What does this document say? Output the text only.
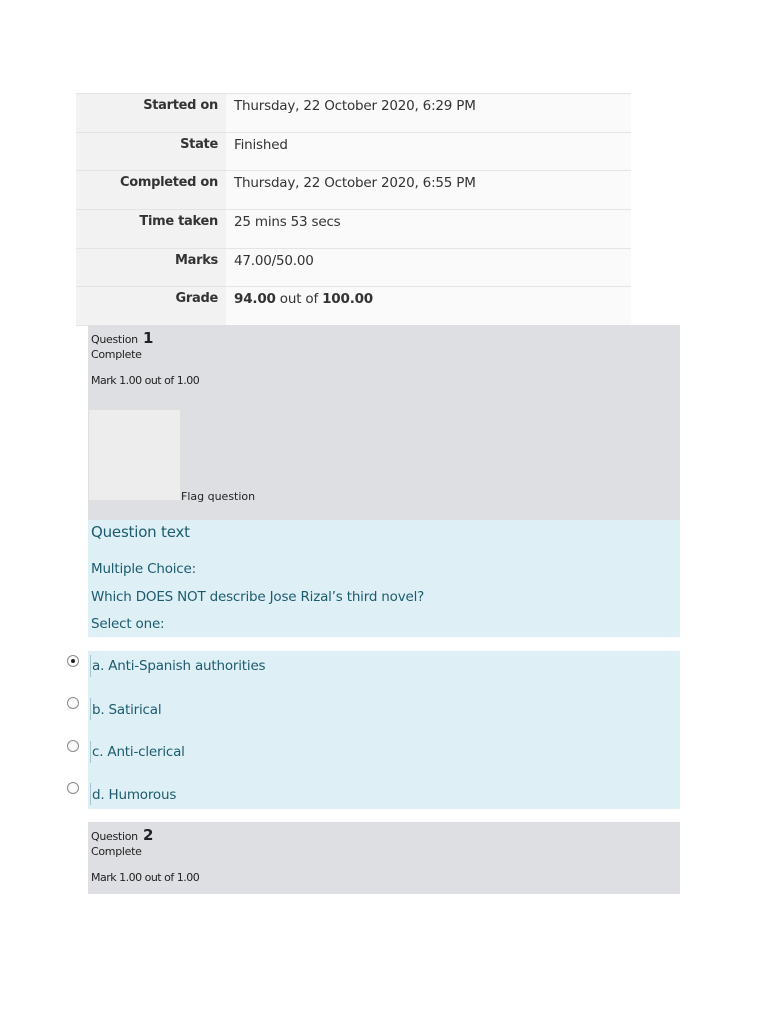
Started on	Thursday, 22 October 2020, 6:29 PM
State	Finished
Completed on	Thursday, 22 October 2020, 6:55 PM
Time taken	25 mins 53 secs
Marks	47.00/50.00
Grade	94.00 out of 100.00
Question 1
Complete
Mark 1.00 out of 1.00
Flag question
Question text
Multiple Choice:
Which DOES NOT describe Jose Rizal’s third novel?
Select one:
a. Anti-Spanish authorities
b. Satirical
c. Anti-clerical
d. Humorous
Question 2
Complete
Mark 1.00 out of 1.00
